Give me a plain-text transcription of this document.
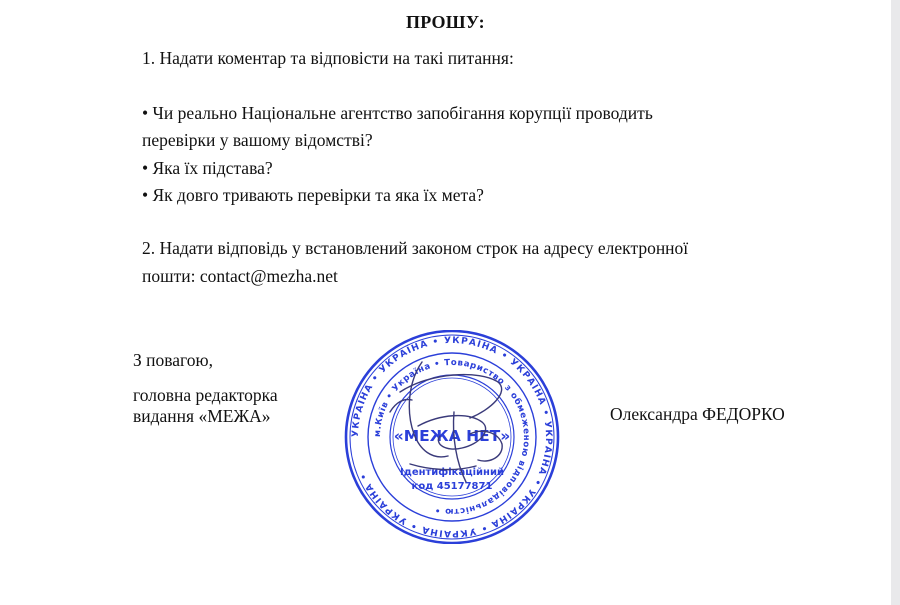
ПРОШУ:
1. Надати коментар та відповісти на такі питання:
• Чи реально Національне агентство запобігання корупції проводить
перевірки у вашому відомстві?
• Яка їх підстава?
• Як довго тривають перевірки та яка їх мета?
2. Надати відповідь у встановлений законом строк на адресу електронної
пошти: contact@mezha.net
З повагою,
головна редакторка
видання «МЕЖА»	Олександра ФЕДОРКО
УКРАЇНА • УКРАЇНА • УКРАЇНА • УКРАЇНА • УКРАЇНА • УКРАЇНА • УКРАЇНА • УКРАЇНА •
м.Київ • Україна • Товариство з обмеженою відповідальністю •
«МЕЖА НЕТ»
Ідентифікаційний
код 45177871
